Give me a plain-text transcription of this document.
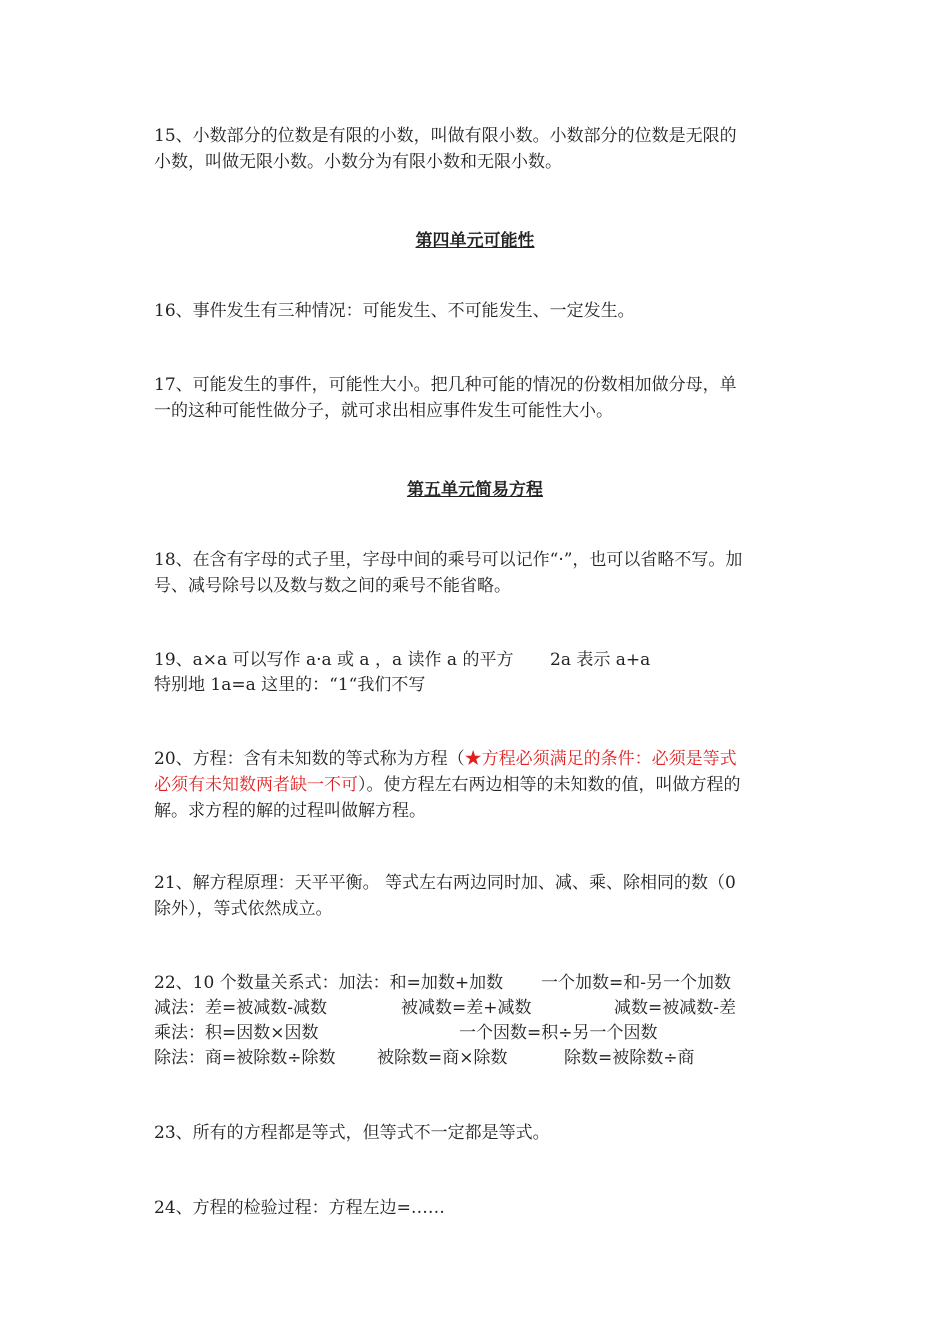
15、小数部分的位数是有限的小数，叫做有限小数。小数部分的位数是无限的
小数，叫做无限小数。小数分为有限小数和无限小数。
第四单元可能性
16、事件发生有三种情况：可能发生、不可能发生、一定发生。
17、可能发生的事件，可能性大小。把几种可能的情况的份数相加做分母，单
一的这种可能性做分子，就可求出相应事件发生可能性大小。
第五单元简易方程
18、在含有字母的式子里，字母中间的乘号可以记作“·”，也可以省略不写。加
号、减号除号以及数与数之间的乘号不能省略。
19、a×a 可以写作 a·a 或 a ，a 读作 a 的平方 2a 表示 a+a
特别地 1a=a 这里的：“1“我们不写
20、方程：含有未知数的等式称为方程（★方程必须满足的条件：必须是等式
必须有未知数两者缺一不可）。使方程左右两边相等的未知数的值，叫做方程的
解。求方程的解的过程叫做解方程。
21、解方程原理：天平平衡。 等式左右两边同时加、减、乘、除相同的数（0
除外），等式依然成立。
22、10 个数量关系式：加法：和=加数+加数 一个加数=和-另一个加数
减法：差=被减数-减数	被减数=差+减数	减数=被减数-差
乘法：积=因数×因数	一个因数=积÷另一个因数
除法：商=被除数÷除数 被除数=商×除数	除数=被除数÷商
23、所有的方程都是等式，但等式不一定都是等式。
24、方程的检验过程：方程左边=……
